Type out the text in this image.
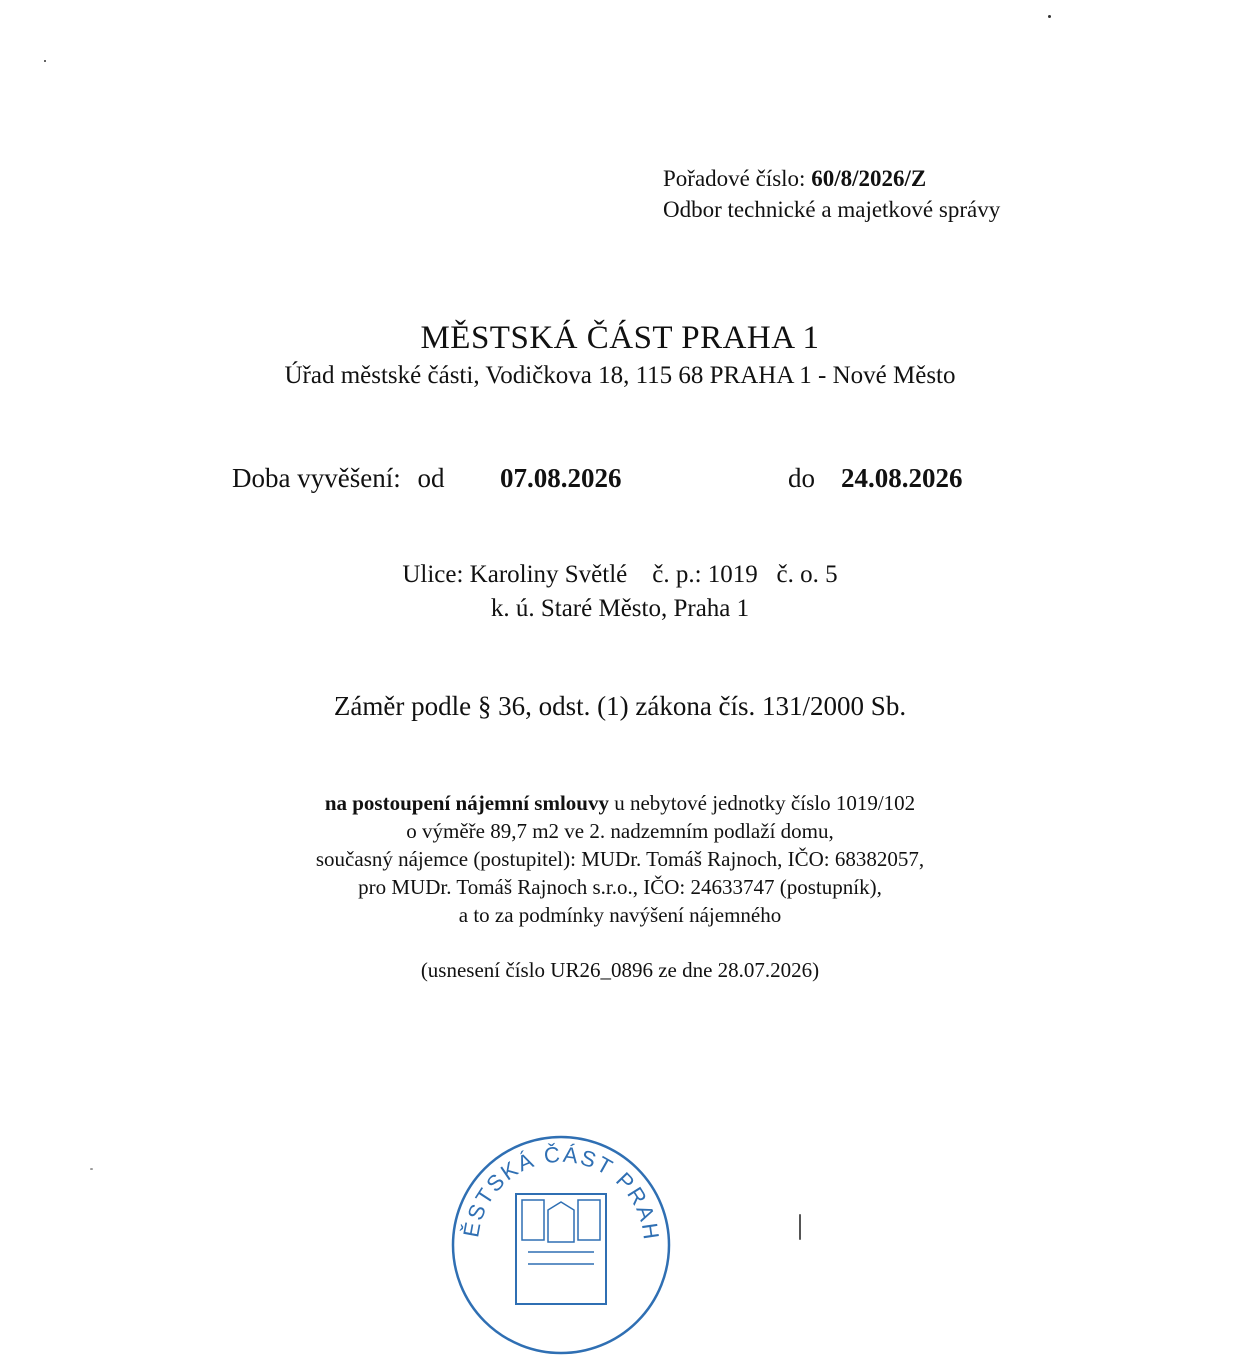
Pořadové číslo: 60/8/2026/Z
Odbor technické a majetkové správy
MĚSTSKÁ ČÁST PRAHA 1
Úřad městské části, Vodičkova 18, 115 68 PRAHA 1 - Nové Město
Doba vyvěšení: od 07.08.2026	do 24.08.2026
Ulice: Karoliny Světlé    č. p.: 1019   č. o. 5
k. ú. Staré Město, Praha 1
Záměr podle § 36, odst. (1) zákona čís. 131/2000 Sb.
na postoupení nájemní smlouvy u nebytové jednotky číslo 1019/102
o výměře 89,7 m2 ve 2. nadzemním podlaží domu,
současný nájemce (postupitel): MUDr. Tomáš Rajnoch, IČO: 68382057,
pro MUDr. Tomáš Rajnoch s.r.o., IČO: 24633747 (postupník),
a to za podmínky navýšení nájemného
(usnesení číslo UR26_0896 ze dne 28.07.2026)
ĚSTSKÁ ČÁST PRAH
